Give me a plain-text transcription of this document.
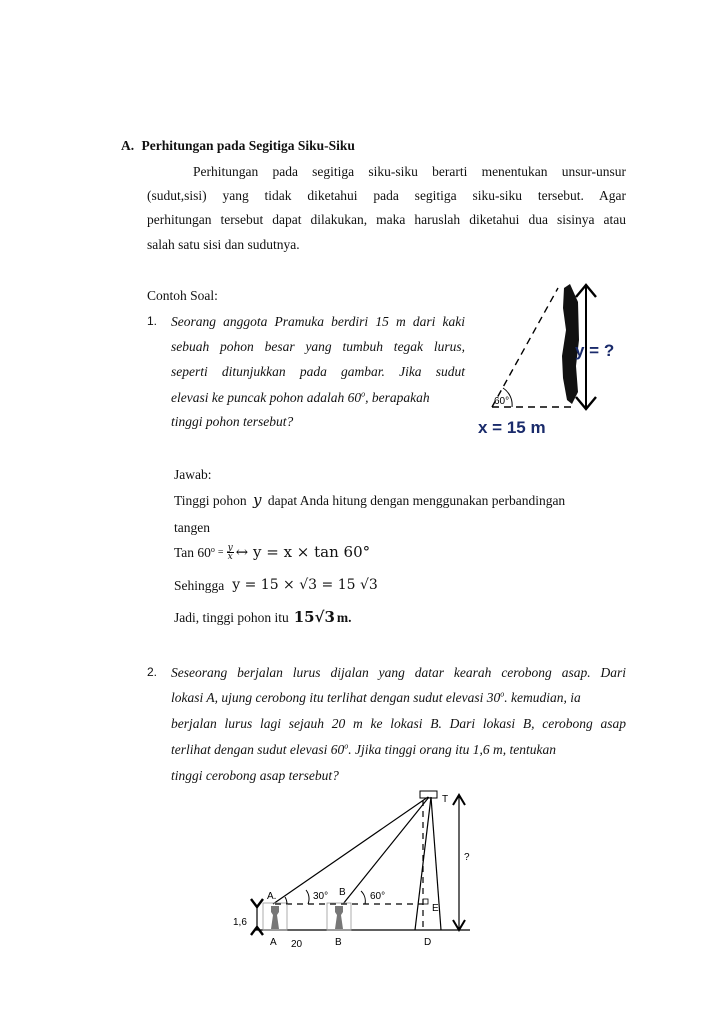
A. Perhitungan pada Segitiga Siku-Siku
Perhitungan pada segitiga siku-siku berarti menentukan unsur-unsur
(sudut,sisi) yang tidak diketahui pada segitiga siku-siku tersebut. Agar
perhitungan tersebut dapat dilakukan, maka haruslah diketahui dua sisinya atau
salah satu sisi dan sudutnya.
Contoh Soal:
1. Seorang anggota Pramuka berdiri 15 m dari kaki
sebuah pohon besar yang tumbuh tegak lurus,
seperti ditunjukkan pada gambar. Jika sudut
elevasi ke puncak pohon adalah 60$^o$, berapakah
tinggi pohon tersebut?
60°
y = ?
x = 15 m
Jawab:
Tinggi pohon y dapat Anda hitung dengan menggunakan perbandingan
tangen
Tan $60^o = \frac{y}{x}$ ↔ y = x × tan 60°
Sehingga y = 15 × √3 = 15 √3
Jadi, tinggi pohon itu 15√3 m.
2. Seseorang berjalan lurus dijalan yang datar kearah cerobong asap. Dari
lokasi A, ujung cerobong itu terlihat dengan sudut elevasi 30$^o$. kemudian, ia
berjalan lurus lagi sejauh 20 m ke lokasi B. Dari lokasi B, cerobong asap
terlihat dengan sudut elevasi 60$^o$. Jjika tinggi orang itu 1,6 m, tentukan
tinggi cerobong asap tersebut?
T
?
A.	30° B 60°
E
1,6
A 20	B	D
